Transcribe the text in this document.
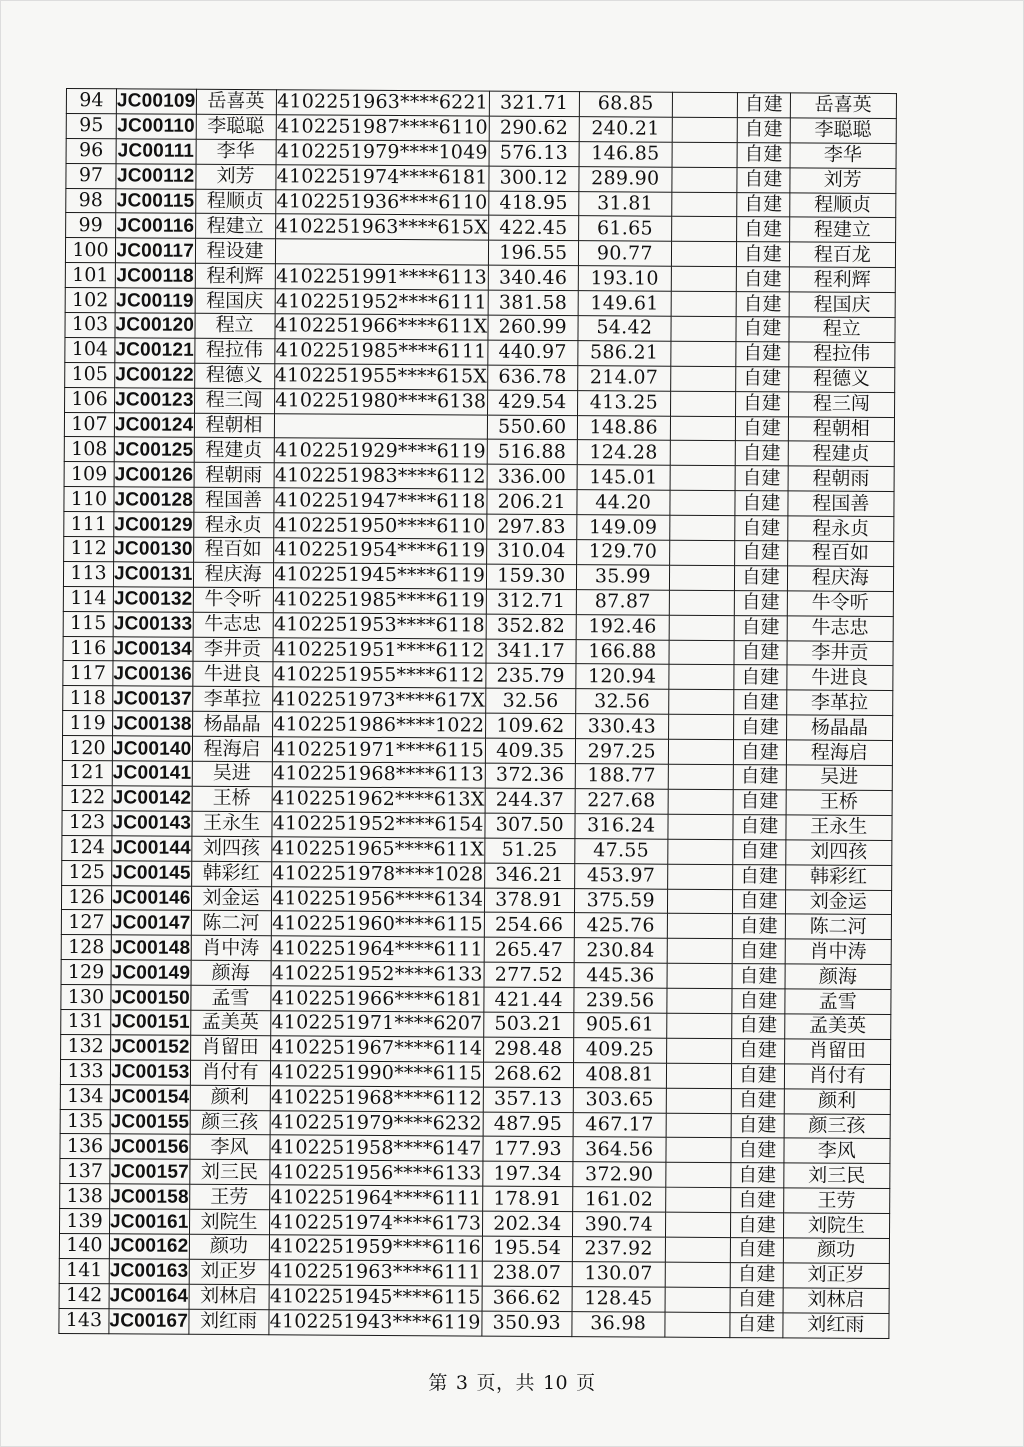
94	JC00109	岳喜英	4102251963****6221	321.71	68.85		自建	岳喜英
95	JC00110	李聪聪	4102251987****6110	290.62	240.21		自建	李聪聪
96	JC00111	李华	4102251979****1049	576.13	146.85		自建	李华
97	JC00112	刘芳	4102251974****6181	300.12	289.90		自建	刘芳
98	JC00115	程顺贞	4102251936****6110	418.95	31.81		自建	程顺贞
99	JC00116	程建立	4102251963****615X	422.45	61.65		自建	程建立
100	JC00117	程设建		196.55	90.77		自建	程百龙
101	JC00118	程利辉	4102251991****6113	340.46	193.10		自建	程利辉
102	JC00119	程国庆	4102251952****6111	381.58	149.61		自建	程国庆
103	JC00120	程立	4102251966****611X	260.99	54.42		自建	程立
104	JC00121	程拉伟	4102251985****6111	440.97	586.21		自建	程拉伟
105	JC00122	程德义	4102251955****615X	636.78	214.07		自建	程德义
106	JC00123	程三闯	4102251980****6138	429.54	413.25		自建	程三闯
107	JC00124	程朝相		550.60	148.86		自建	程朝相
108	JC00125	程建贞	4102251929****6119	516.88	124.28		自建	程建贞
109	JC00126	程朝雨	4102251983****6112	336.00	145.01		自建	程朝雨
110	JC00128	程国善	4102251947****6118	206.21	44.20		自建	程国善
111	JC00129	程永贞	4102251950****6110	297.83	149.09		自建	程永贞
112	JC00130	程百如	4102251954****6119	310.04	129.70		自建	程百如
113	JC00131	程庆海	4102251945****6119	159.30	35.99		自建	程庆海
114	JC00132	牛令听	4102251985****6119	312.71	87.87		自建	牛令听
115	JC00133	牛志忠	4102251953****6118	352.82	192.46		自建	牛志忠
116	JC00134	李井贡	4102251951****6112	341.17	166.88		自建	李井贡
117	JC00136	牛进良	4102251955****6112	235.79	120.94		自建	牛进良
118	JC00137	李革拉	4102251973****617X	32.56	32.56		自建	李革拉
119	JC00138	杨晶晶	4102251986****1022	109.62	330.43		自建	杨晶晶
120	JC00140	程海启	4102251971****6115	409.35	297.25		自建	程海启
121	JC00141	吴进	4102251968****6113	372.36	188.77		自建	吴进
122	JC00142	王桥	4102251962****613X	244.37	227.68		自建	王桥
123	JC00143	王永生	4102251952****6154	307.50	316.24		自建	王永生
124	JC00144	刘四孩	4102251965****611X	51.25	47.55		自建	刘四孩
125	JC00145	韩彩红	4102251978****1028	346.21	453.97		自建	韩彩红
126	JC00146	刘金运	4102251956****6134	378.91	375.59		自建	刘金运
127	JC00147	陈二河	4102251960****6115	254.66	425.76		自建	陈二河
128	JC00148	肖中涛	4102251964****6111	265.47	230.84		自建	肖中涛
129	JC00149	颜海	4102251952****6133	277.52	445.36		自建	颜海
130	JC00150	孟雪	4102251966****6181	421.44	239.56		自建	孟雪
131	JC00151	孟美英	4102251971****6207	503.21	905.61		自建	孟美英
132	JC00152	肖留田	4102251967****6114	298.48	409.25		自建	肖留田
133	JC00153	肖付有	4102251990****6115	268.62	408.81		自建	肖付有
134	JC00154	颜利	4102251968****6112	357.13	303.65		自建	颜利
135	JC00155	颜三孩	4102251979****6232	487.95	467.17		自建	颜三孩
136	JC00156	李风	4102251958****6147	177.93	364.56		自建	李风
137	JC00157	刘三民	4102251956****6133	197.34	372.90		自建	刘三民
138	JC00158	王劳	4102251964****6111	178.91	161.02		自建	王劳
139	JC00161	刘院生	4102251974****6173	202.34	390.74		自建	刘院生
140	JC00162	颜功	4102251959****6116	195.54	237.92		自建	颜功
141	JC00163	刘正岁	4102251963****6111	238.07	130.07		自建	刘正岁
142	JC00164	刘林启	4102251945****6115	366.62	128.45		自建	刘林启
143	JC00167	刘红雨	4102251943****6119	350.93	36.98		自建	刘红雨
第 3 页，共 10 页
